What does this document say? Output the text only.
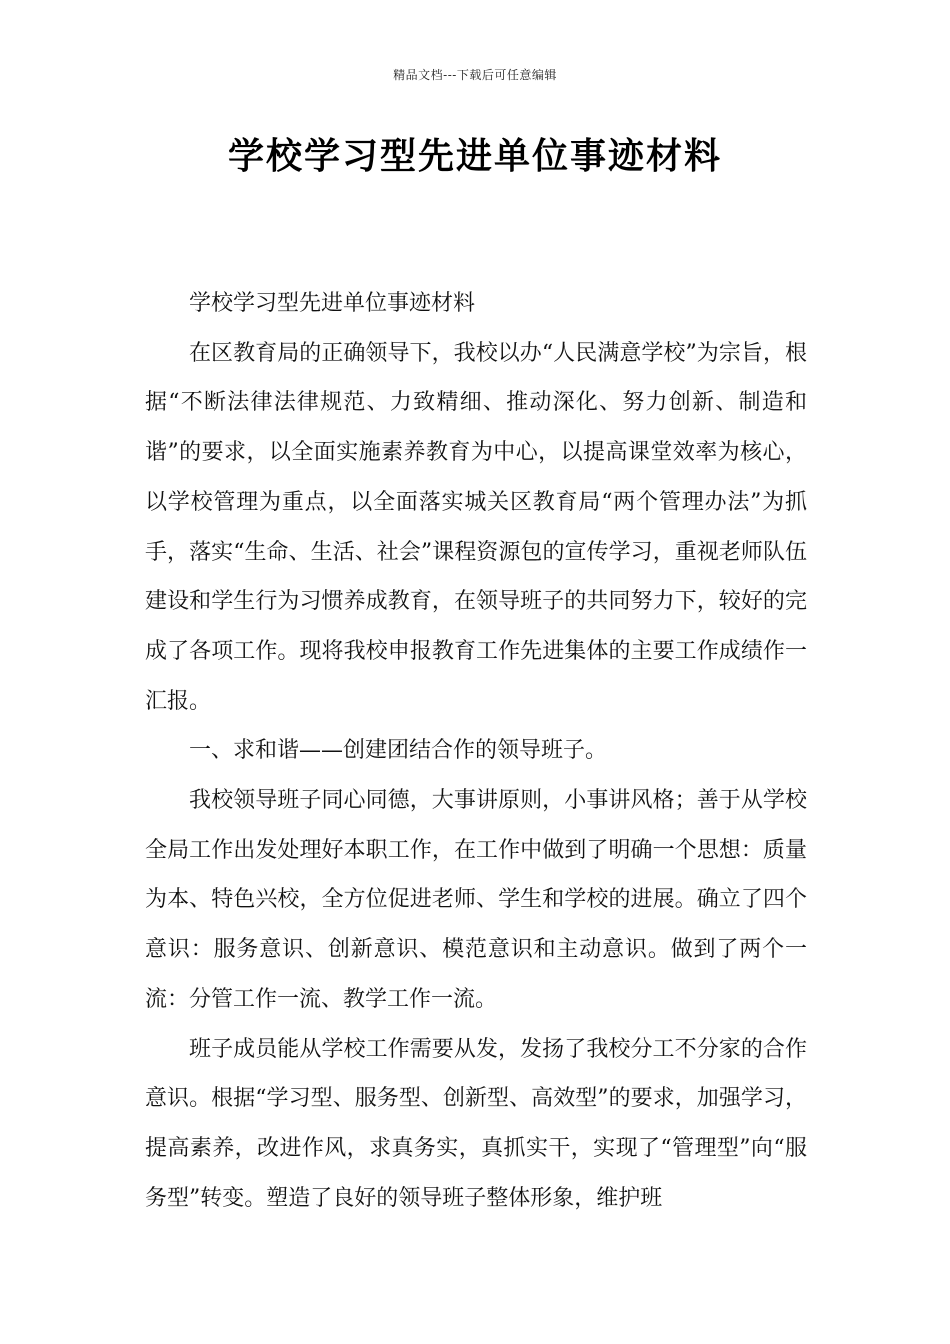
精品文档---下载后可任意编辑
学校学习型先进单位事迹材料

学校学习型先进单位事迹材料

在区教育局的正确领导下，我校以办“人民满意学校”为宗旨，根据“不断法律法律规范、力致精细、推动深化、努力创新、制造和谐”的要求，以全面实施素养教育为中心，以提高课堂效率为核心，以学校管理为重点，以全面落实城关区教育局“两个管理办法”为抓手，落实“生命、生活、社会”课程资源包的宣传学习，重视老师队伍建设和学生行为习惯养成教育，在领导班子的共同努力下，较好的完成了各项工作。现将我校申报教育工作先进集体的主要工作成绩作一汇报。

一、求和谐——创建团结合作的领导班子。

我校领导班子同心同德，大事讲原则，小事讲风格；善于从学校全局工作出发处理好本职工作，在工作中做到了明确一个思想：质量为本、特色兴校，全方位促进老师、学生和学校的进展。确立了四个意识：服务意识、创新意识、模范意识和主动意识。做到了两个一流：分管工作一流、教学工作一流。

班子成员能从学校工作需要从发，发扬了我校分工不分家的合作意识。根据“学习型、服务型、创新型、高效型”的要求，加强学习，提高素养，改进作风，求真务实，真抓实干，实现了“管理型”向“服务型”转变。塑造了良好的领导班子整体形象，维护班
